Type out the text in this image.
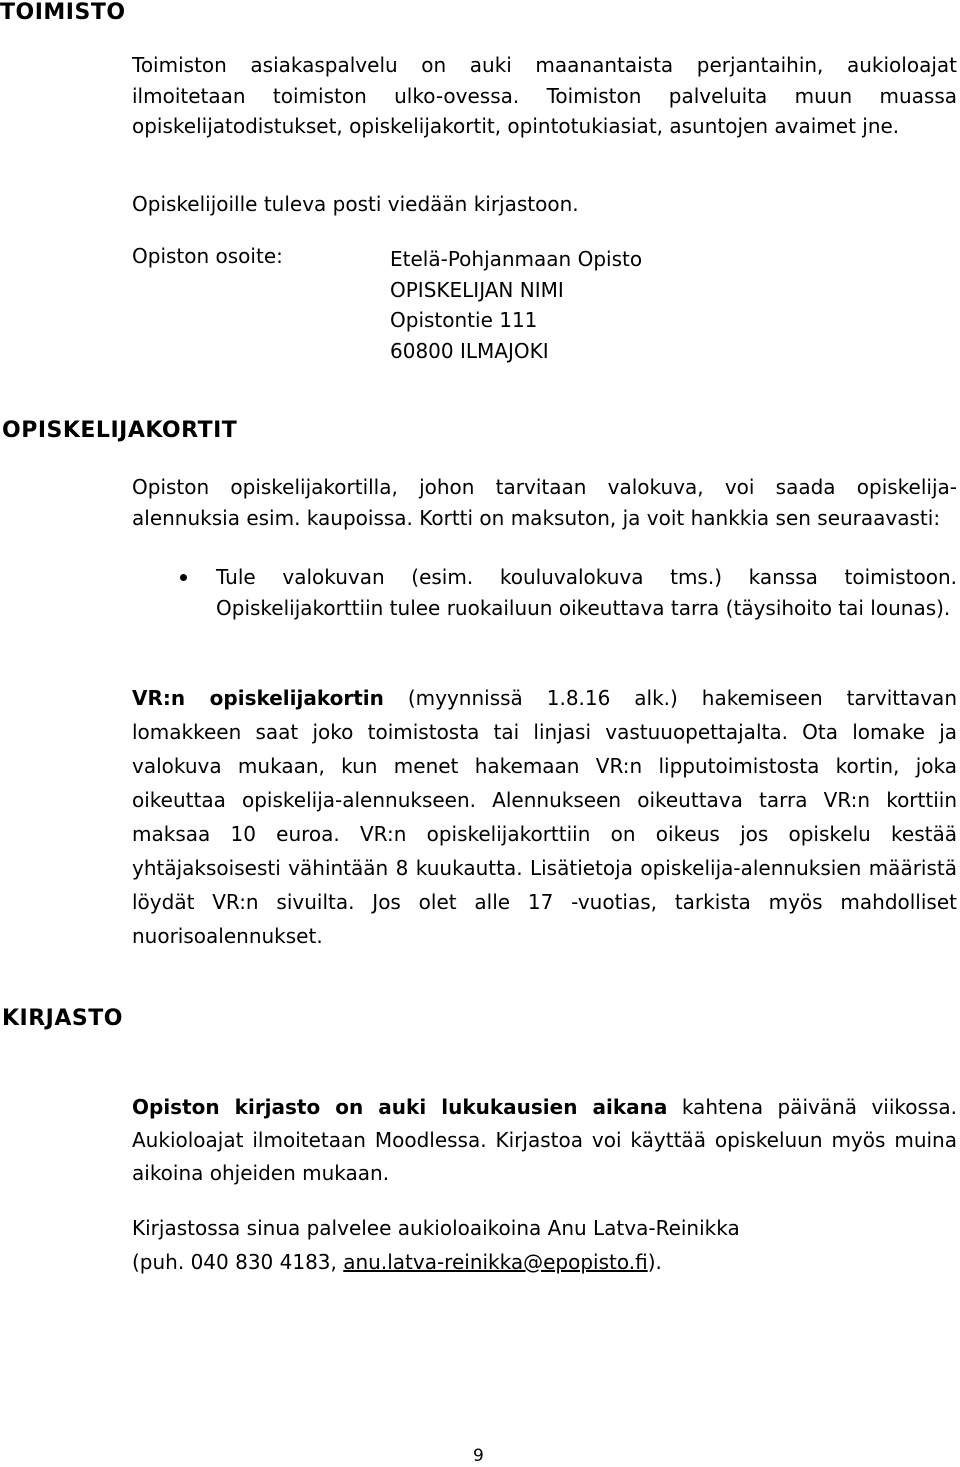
TOIMISTO

Toimiston asiakaspalvelu on auki maanantaista perjantaihin, aukioloajat ilmoitetaan toimiston ulko-ovessa. Toimiston palveluita muun muassa opiskelijatodistukset, opiskelijakortit, opintotukiasiat, asuntojen avaimet jne.

Opiskelijoille tuleva posti viedään kirjastoon.
Opiston osoite:	Etelä-Pohjanmaan Opisto
OPISKELIJAN NIMI
Opistontie 111
60800 ILMAJOKI
OPISKELIJAKORTIT

Opiston opiskelijakortilla, johon tarvitaan valokuva, voi saada opiskelija-alennuksia esim. kaupoissa. Kortti on maksuton, ja voit hankkia sen seuraavasti:

Tule valokuvan (esim. kouluvalokuva tms.) kanssa toimistoon. Opiskelijakorttiin tulee ruokailuun oikeuttava tarra (täysihoito tai lounas).

VR:n opiskelijakortin (myynnissä 1.8.16 alk.) hakemiseen tarvittavan lomakkeen saat joko toimistosta tai linjasi vastuuopettajalta. Ota lomake ja valokuva mukaan, kun menet hakemaan VR:n lipputoimistosta kortin, joka oikeuttaa opiskelija-alennukseen. Alennukseen oikeuttava tarra VR:n korttiin maksaa 10 euroa. VR:n opiskelijakorttiin on oikeus jos opiskelu kestää yhtäjaksoisesti vähintään 8 kuukautta. Lisätietoja opiskelija-alennuksien määristä löydät VR:n sivuilta. Jos olet alle 17 -vuotias, tarkista myös mahdolliset nuorisoalennukset.

KIRJASTO

Opiston kirjasto on auki lukukausien aikana kahtena päivänä viikossa. Aukioloajat ilmoitetaan Moodlessa. Kirjastoa voi käyttää opiskeluun myös muina aikoina ohjeiden mukaan.

Kirjastossa sinua palvelee aukioloaikoina Anu Latva-Reinikka
(puh. 040 830 4183, anu.latva-reinikka@epopisto.fi).
9
